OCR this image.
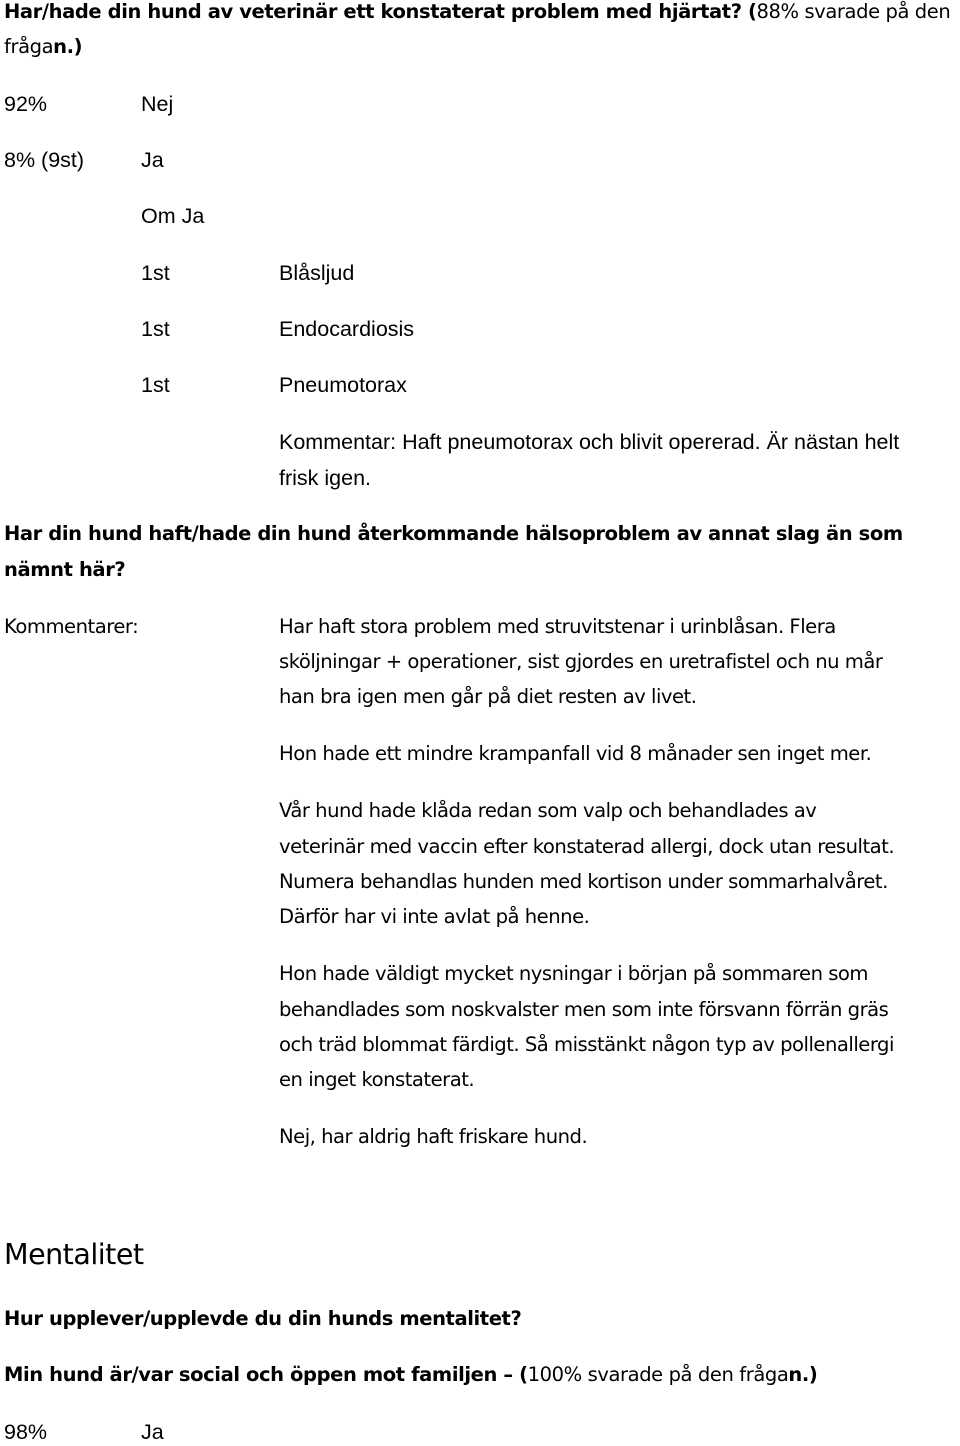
Har/hade din hund av veterinär ett konstaterat problem med hjärtat? (88% svarade på den
frågan.)
92%	Nej
8% (9st)	Ja
Om Ja
1st	Blåsljud
1st	Endocardiosis
1st	Pneumotorax
Kommentar: Haft pneumotorax och blivit opererad. Är nästan helt
frisk igen.
Har din hund haft/hade din hund återkommande hälsoproblem av annat slag än som
nämnt här?
Kommentarer:	Har haft stora problem med struvitstenar i urinblåsan. Flera
sköljningar + operationer, sist gjordes en uretrafistel och nu mår
han bra igen men går på diet resten av livet.
Hon hade ett mindre krampanfall vid 8 månader sen inget mer.
Vår hund hade klåda redan som valp och behandlades av
veterinär med vaccin efter konstaterad allergi, dock utan resultat.
Numera behandlas hunden med kortison under sommarhalvåret.
Därför har vi inte avlat på henne.
Hon hade väldigt mycket nysningar i början på sommaren som
behandlades som noskvalster men som inte försvann förrän gräs
och träd blommat färdigt. Så misstänkt någon typ av pollenallergi
en inget konstaterat.
Nej, har aldrig haft friskare hund.
Mentalitet
Hur upplever/upplevde du din hunds mentalitet?
Min hund är/var social och öppen mot familjen – (100% svarade på den frågan.)
98%	Ja
